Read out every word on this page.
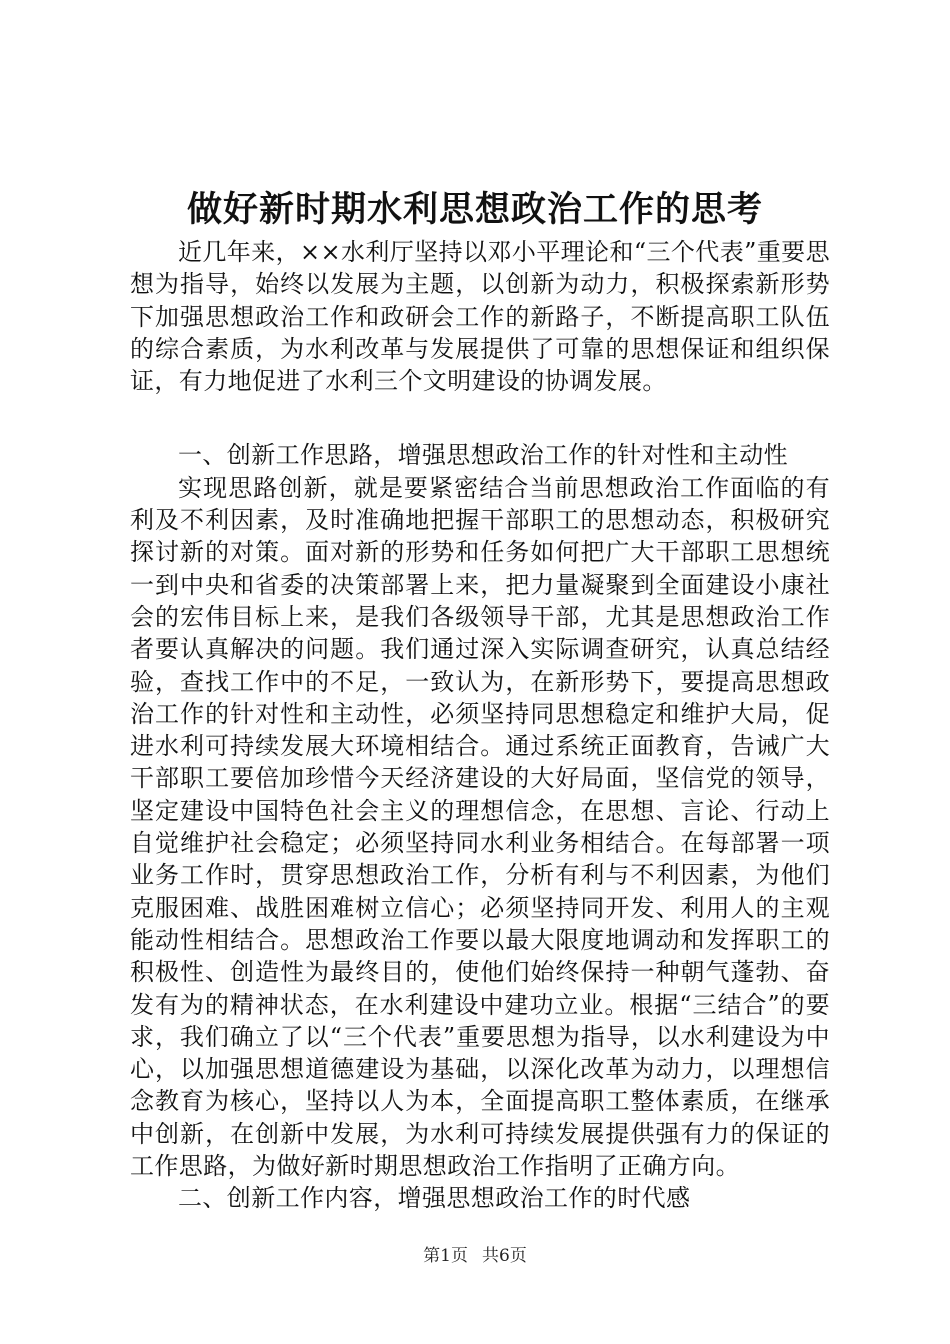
做好新时期水利思想政治工作的思考

近几年来，××水利厅坚持以邓小平理论和“三个代表”重要思想为指导，始终以发展为主题，以创新为动力，积极探索新形势下加强思想政治工作和政研会工作的新路子，不断提高职工队伍的综合素质，为水利改革与发展提供了可靠的思想保证和组织保证，有力地促进了水利三个文明建设的协调发展。

一、创新工作思路，增强思想政治工作的针对性和主动性

实现思路创新，就是要紧密结合当前思想政治工作面临的有利及不利因素，及时准确地把握干部职工的思想动态，积极研究探讨新的对策。面对新的形势和任务如何把广大干部职工思想统一到中央和省委的决策部署上来，把力量凝聚到全面建设小康社会的宏伟目标上来，是我们各级领导干部，尤其是思想政治工作者要认真解决的问题。我们通过深入实际调查研究，认真总结经验，查找工作中的不足，一致认为，在新形势下，要提高思想政治工作的针对性和主动性，必须坚持同思想稳定和维护大局，促进水利可持续发展大环境相结合。通过系统正面教育，告诫广大干部职工要倍加珍惜今天经济建设的大好局面，坚信党的领导，坚定建设中国特色社会主义的理想信念，在思想、言论、行动上自觉维护社会稳定；必须坚持同水利业务相结合。在每部署一项业务工作时，贯穿思想政治工作，分析有利与不利因素，为他们克服困难、战胜困难树立信心；必须坚持同开发、利用人的主观能动性相结合。思想政治工作要以最大限度地调动和发挥职工的积极性、创造性为最终目的，使他们始终保持一种朝气蓬勃、奋发有为的精神状态，在水利建设中建功立业。根据“三结合”的要求，我们确立了以“三个代表”重要思想为指导，以水利建设为中心，以加强思想道德建设为基础，以深化改革为动力，以理想信念教育为核心，坚持以人为本，全面提高职工整体素质，在继承中创新，在创新中发展，为水利可持续发展提供强有力的保证的工作思路，为做好新时期思想政治工作指明了正确方向。

二、创新工作内容，增强思想政治工作的时代感

第1页 共6页
